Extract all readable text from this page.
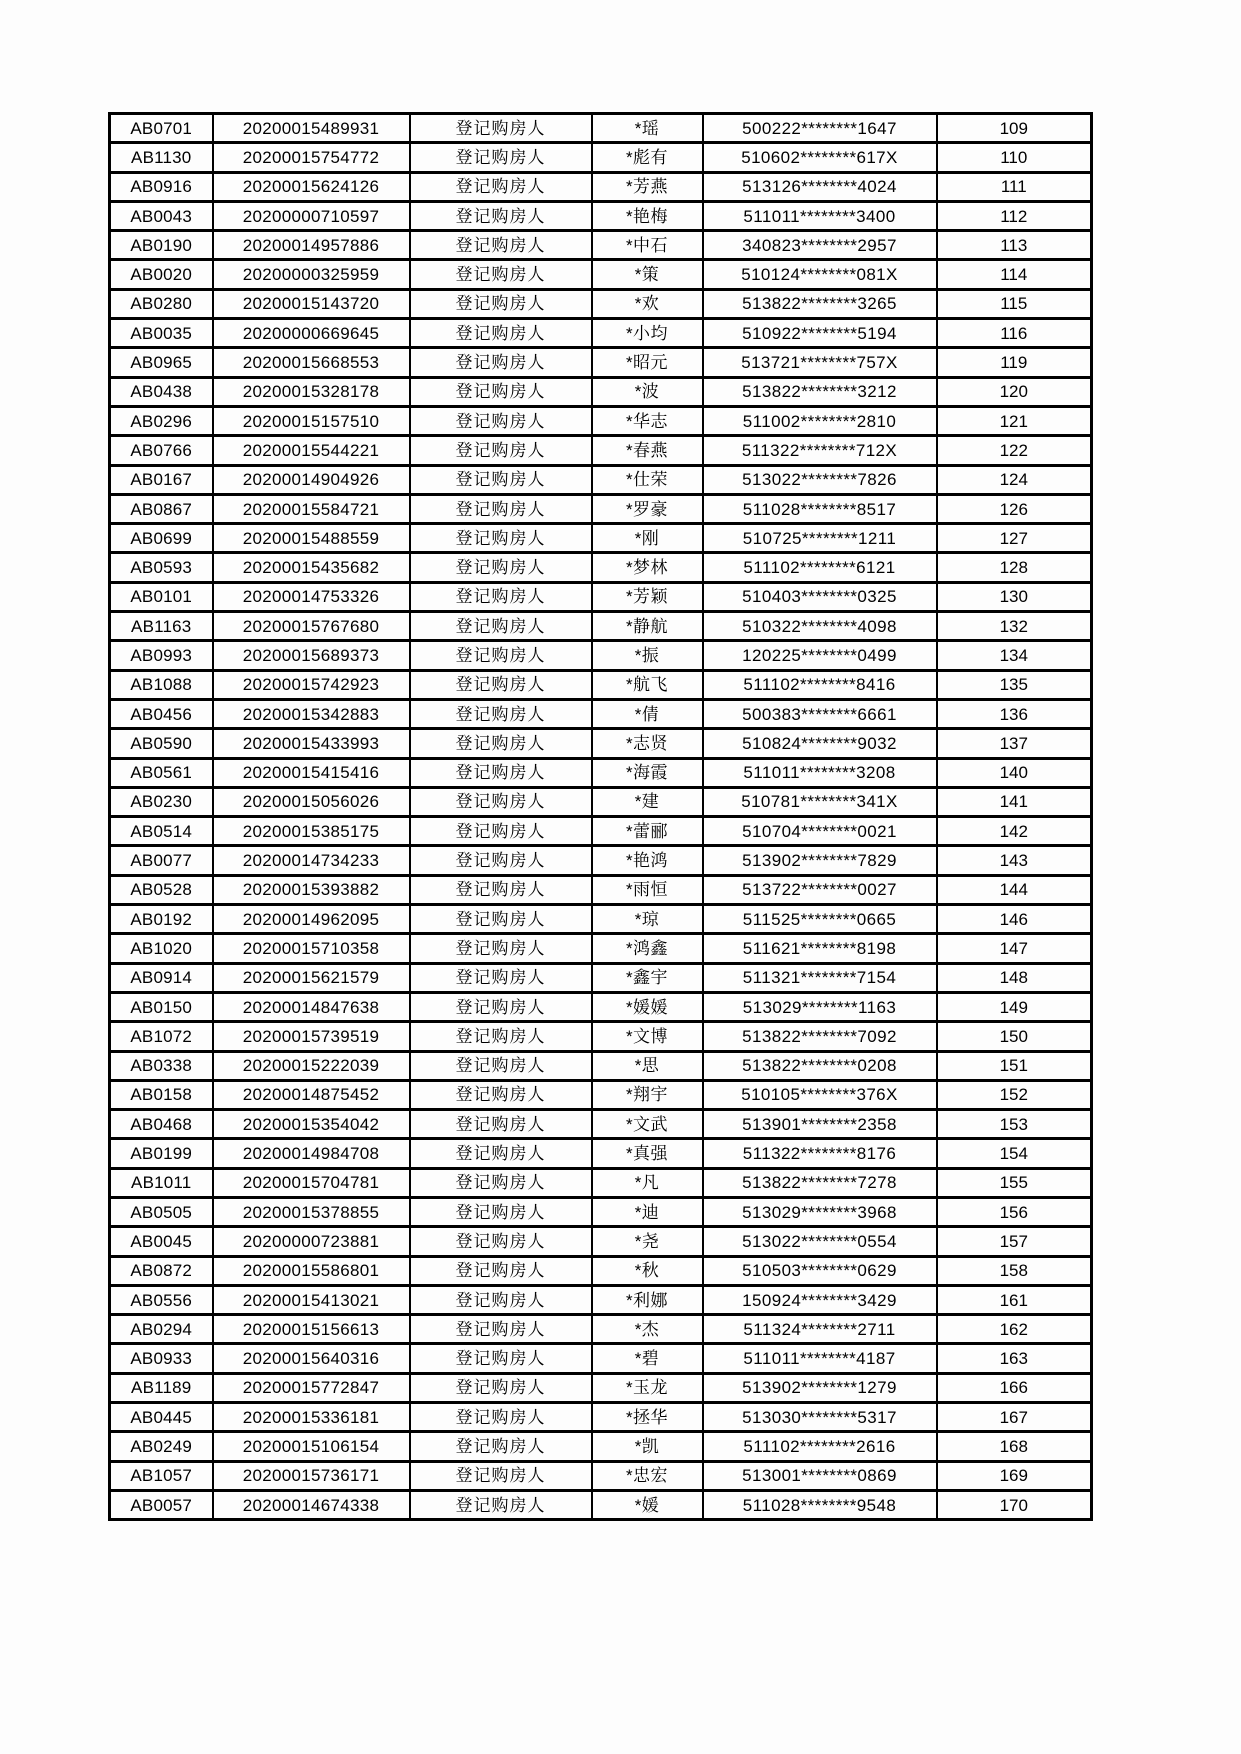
AB0701	20200015489931	登记购房人	*瑶	500222********1647	109
AB1130	20200015754772	登记购房人	*彪有	510602********617X	110
AB0916	20200015624126	登记购房人	*芳燕	513126********4024	111
AB0043	20200000710597	登记购房人	*艳梅	511011********3400	112
AB0190	20200014957886	登记购房人	*中石	340823********2957	113
AB0020	20200000325959	登记购房人	*策	510124********081X	114
AB0280	20200015143720	登记购房人	*欢	513822********3265	115
AB0035	20200000669645	登记购房人	*小均	510922********5194	116
AB0965	20200015668553	登记购房人	*昭元	513721********757X	119
AB0438	20200015328178	登记购房人	*波	513822********3212	120
AB0296	20200015157510	登记购房人	*华志	511002********2810	121
AB0766	20200015544221	登记购房人	*春燕	511322********712X	122
AB0167	20200014904926	登记购房人	*仕荣	513022********7826	124
AB0867	20200015584721	登记购房人	*罗豪	511028********8517	126
AB0699	20200015488559	登记购房人	*刚	510725********1211	127
AB0593	20200015435682	登记购房人	*梦林	511102********6121	128
AB0101	20200014753326	登记购房人	*芳颖	510403********0325	130
AB1163	20200015767680	登记购房人	*静航	510322********4098	132
AB0993	20200015689373	登记购房人	*振	120225********0499	134
AB1088	20200015742923	登记购房人	*航飞	511102********8416	135
AB0456	20200015342883	登记购房人	*倩	500383********6661	136
AB0590	20200015433993	登记购房人	*志贤	510824********9032	137
AB0561	20200015415416	登记购房人	*海霞	511011********3208	140
AB0230	20200015056026	登记购房人	*建	510781********341X	141
AB0514	20200015385175	登记购房人	*蕾郦	510704********0021	142
AB0077	20200014734233	登记购房人	*艳鸿	513902********7829	143
AB0528	20200015393882	登记购房人	*雨恒	513722********0027	144
AB0192	20200014962095	登记购房人	*琼	511525********0665	146
AB1020	20200015710358	登记购房人	*鸿鑫	511621********8198	147
AB0914	20200015621579	登记购房人	*鑫宇	511321********7154	148
AB0150	20200014847638	登记购房人	*媛媛	513029********1163	149
AB1072	20200015739519	登记购房人	*文博	513822********7092	150
AB0338	20200015222039	登记购房人	*思	513822********0208	151
AB0158	20200014875452	登记购房人	*翔宇	510105********376X	152
AB0468	20200015354042	登记购房人	*文武	513901********2358	153
AB0199	20200014984708	登记购房人	*真强	511322********8176	154
AB1011	20200015704781	登记购房人	*凡	513822********7278	155
AB0505	20200015378855	登记购房人	*迪	513029********3968	156
AB0045	20200000723881	登记购房人	*尧	513022********0554	157
AB0872	20200015586801	登记购房人	*秋	510503********0629	158
AB0556	20200015413021	登记购房人	*利娜	150924********3429	161
AB0294	20200015156613	登记购房人	*杰	511324********2711	162
AB0933	20200015640316	登记购房人	*碧	511011********4187	163
AB1189	20200015772847	登记购房人	*玉龙	513902********1279	166
AB0445	20200015336181	登记购房人	*拯华	513030********5317	167
AB0249	20200015106154	登记购房人	*凯	511102********2616	168
AB1057	20200015736171	登记购房人	*忠宏	513001********0869	169
AB0057	20200014674338	登记购房人	*媛	511028********9548	170
